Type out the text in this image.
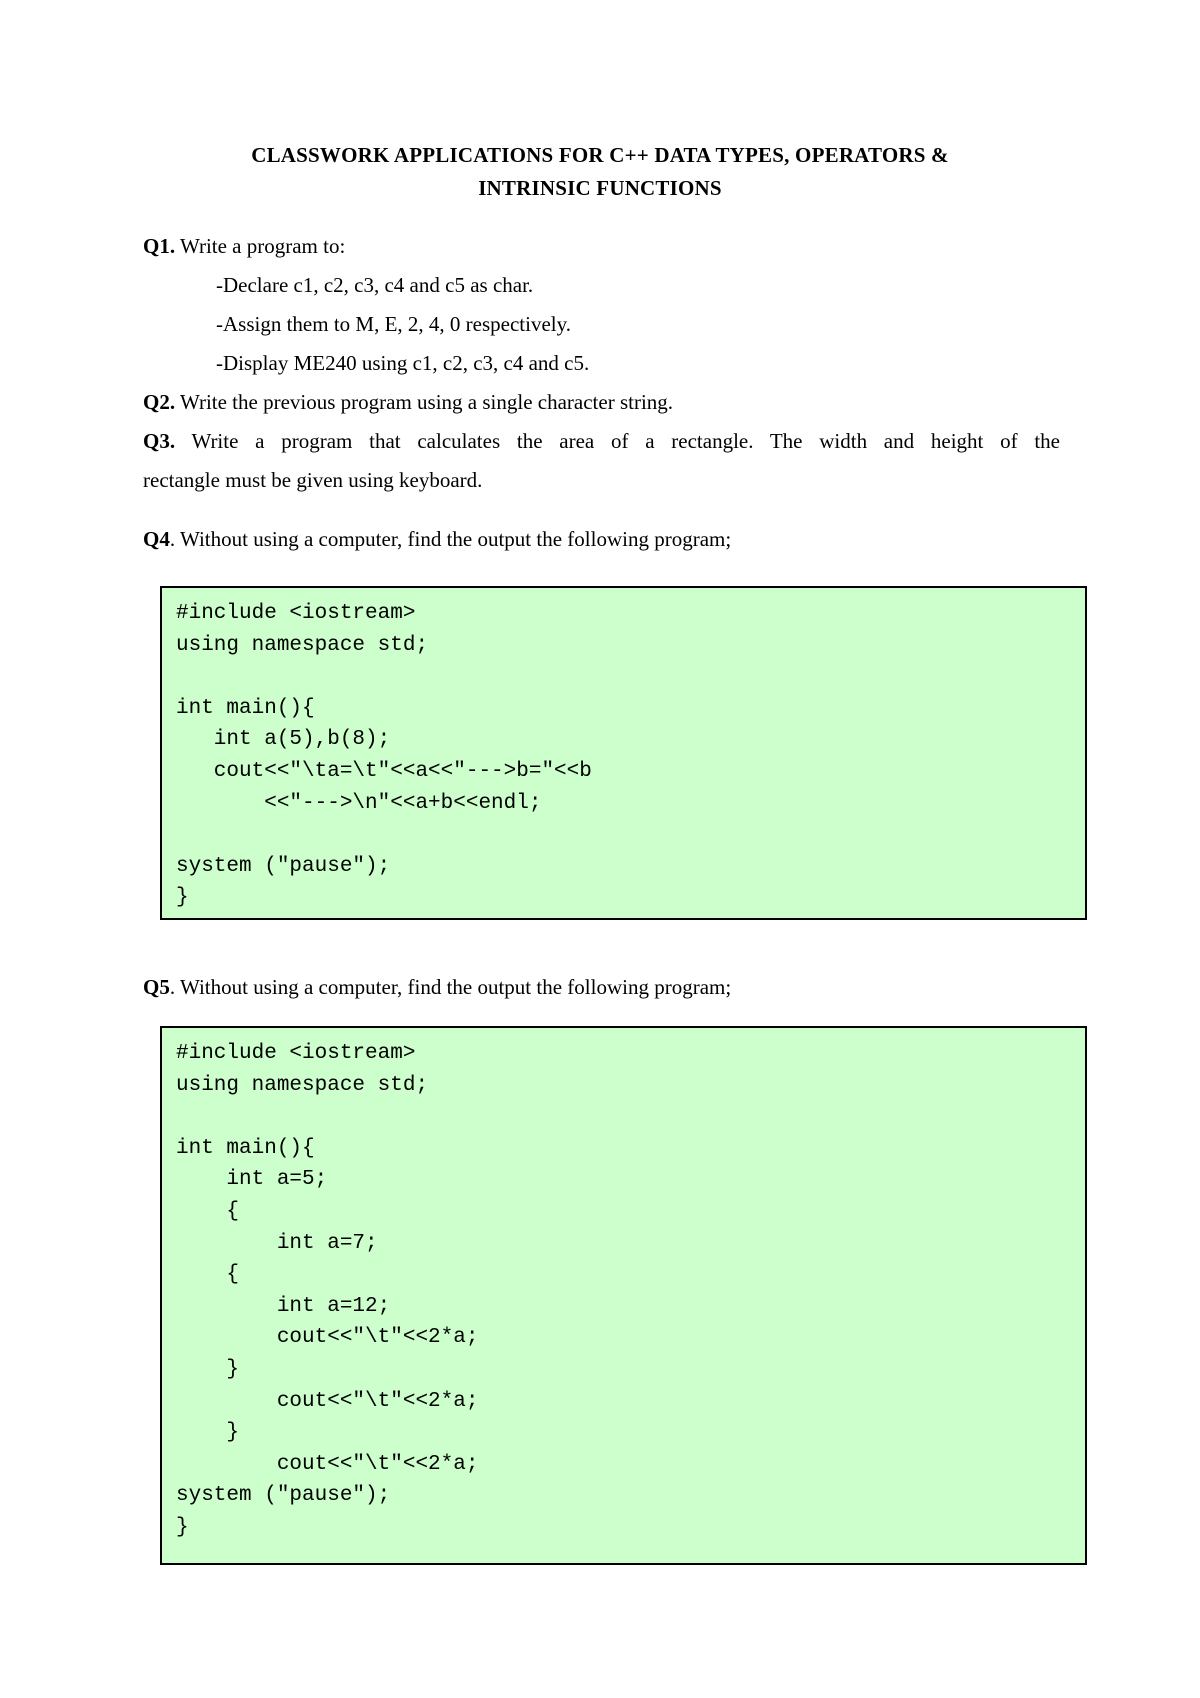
CLASSWORK APPLICATIONS FOR C++ DATA TYPES, OPERATORS &
INTRINSIC FUNCTIONS
Q1. Write a program to:
-Declare c1, c2, c3, c4 and c5 as char.
-Assign them to M, E, 2, 4, 0 respectively.
-Display ME240 using c1, c2, c3, c4 and c5.
Q2. Write the previous program using a single character string.
Q3. Write a program that calculates the area of a rectangle. The width and height of the
rectangle must be given using keyboard.
Q4. Without using a computer, find the output the following program;
#include <iostream>
using namespace std;

int main(){
int a(5),b(8);
cout<<"\ta=\t"<<a<<"--->b="<<b
<<"--->\n"<<a+b<<endl;

system ("pause");
}
Q5. Without using a computer, find the output the following program;
#include <iostream>
using namespace std;

int main(){
int a=5;
{
int a=7;
{
int a=12;
cout<<"\t"<<2*a;
}
cout<<"\t"<<2*a;
}
cout<<"\t"<<2*a;
system ("pause");
}
